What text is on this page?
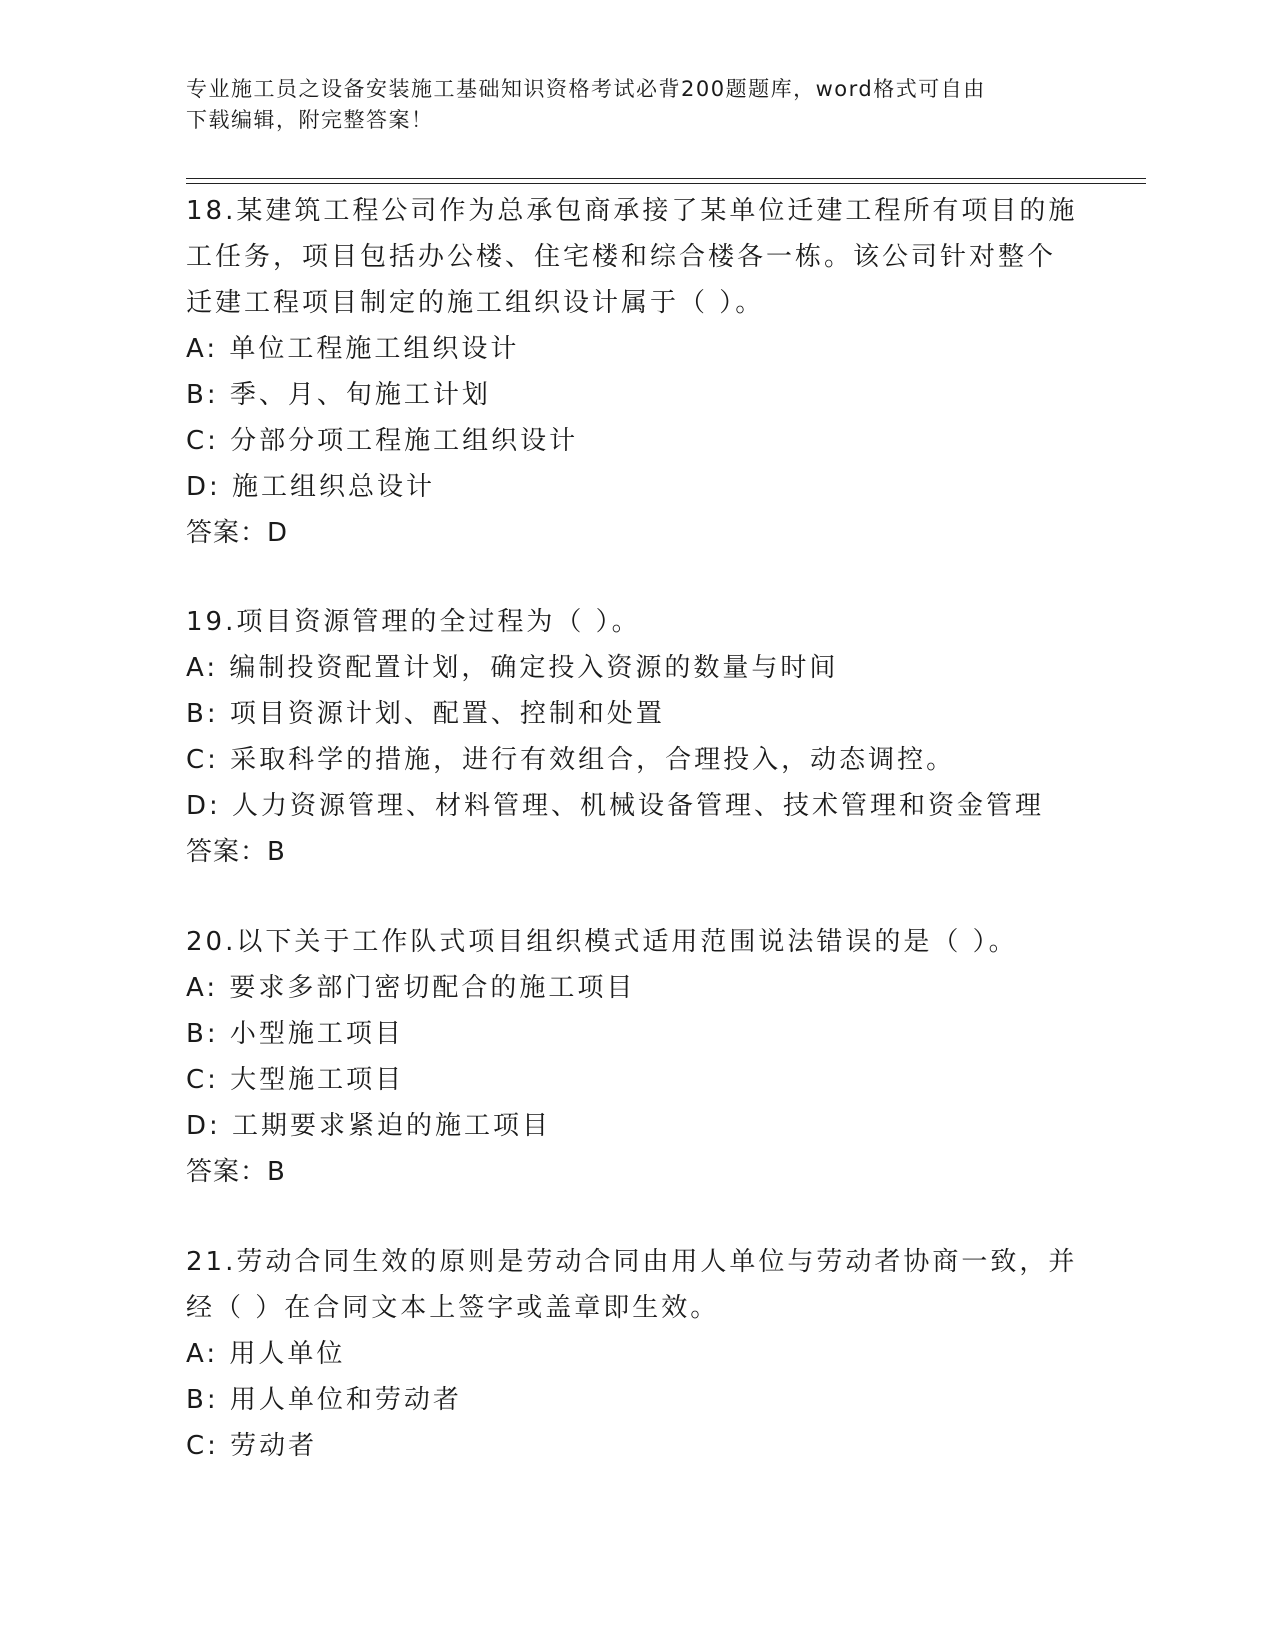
专业施工员之设备安装施工基础知识资格考试必背200题题库，word格式可自由
下载编辑，附完整答案！
18.某建筑工程公司作为总承包商承接了某单位迁建工程所有项目的施
工任务，项目包括办公楼、住宅楼和综合楼各一栋。该公司针对整个
迁建工程项目制定的施工组织设计属于（ ）。
A: 单位工程施工组织设计
B: 季、月、旬施工计划
C: 分部分项工程施工组织设计
D: 施工组织总设计
答案：D
19.项目资源管理的全过程为（ ）。
A: 编制投资配置计划，确定投入资源的数量与时间
B: 项目资源计划、配置、控制和处置
C: 采取科学的措施，进行有效组合，合理投入，动态调控。
D: 人力资源管理、材料管理、机械设备管理、技术管理和资金管理
答案：B
20.以下关于工作队式项目组织模式适用范围说法错误的是（ ）。
A: 要求多部门密切配合的施工项目
B: 小型施工项目
C: 大型施工项目
D: 工期要求紧迫的施工项目
答案：B
21.劳动合同生效的原则是劳动合同由用人单位与劳动者协商一致，并
经（ ）在合同文本上签字或盖章即生效。
A: 用人单位
B: 用人单位和劳动者
C: 劳动者
